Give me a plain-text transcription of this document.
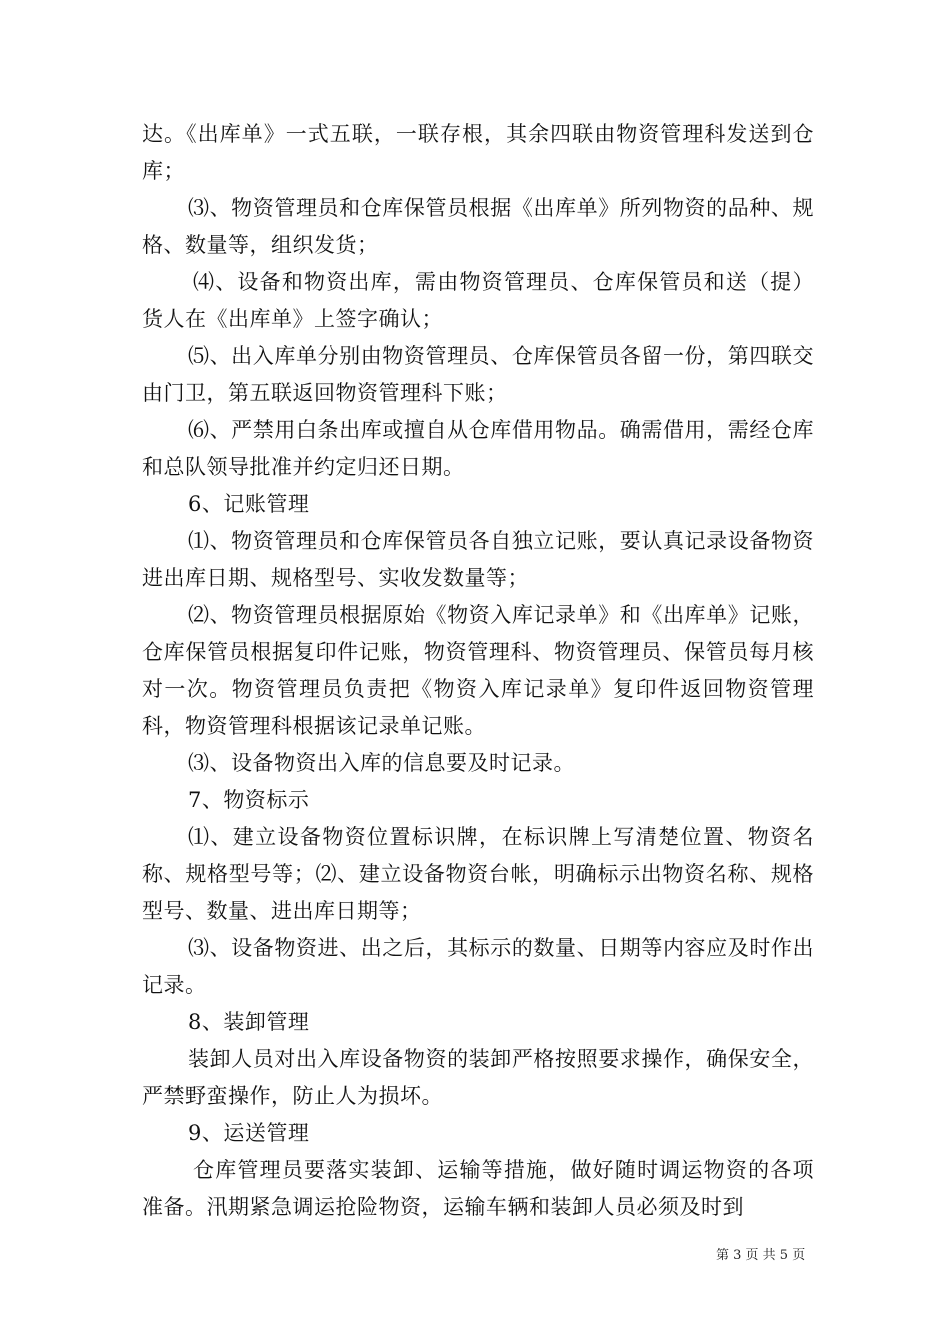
达。《出库单》一式五联，一联存根，其余四联由物资管理科发送到仓库；

⑶、物资管理员和仓库保管员根据《出库单》所列物资的品种、规格、数量等，组织发货；

⑷、设备和物资出库，需由物资管理员、仓库保管员和送（提）货人在《出库单》上签字确认；

⑸、出入库单分别由物资管理员、仓库保管员各留一份，第四联交由门卫，第五联返回物资管理科下账；

⑹、严禁用白条出库或擅自从仓库借用物品。确需借用，需经仓库和总队领导批准并约定归还日期。

6、记账管理

⑴、物资管理员和仓库保管员各自独立记账，要认真记录设备物资进出库日期、规格型号、实收发数量等；

⑵、物资管理员根据原始《物资入库记录单》和《出库单》记账，仓库保管员根据复印件记账，物资管理科、物资管理员、保管员每月核对一次。物资管理员负责把《物资入库记录单》复印件返回物资管理科，物资管理科根据该记录单记账。

⑶、设备物资出入库的信息要及时记录。

7、物资标示

⑴、建立设备物资位置标识牌，在标识牌上写清楚位置、物资名称、规格型号等；⑵、建立设备物资台帐，明确标示出物资名称、规格型号、数量、进出库日期等；

⑶、设备物资进、出之后，其标示的数量、日期等内容应及时作出记录。

8、装卸管理

装卸人员对出入库设备物资的装卸严格按照要求操作，确保安全，严禁野蛮操作，防止人为损坏。

9、运送管理

仓库管理员要落实装卸、运输等措施，做好随时调运物资的各项准备。汛期紧急调运抢险物资，运输车辆和装卸人员必须及时到

第 3 页 共 5 页
